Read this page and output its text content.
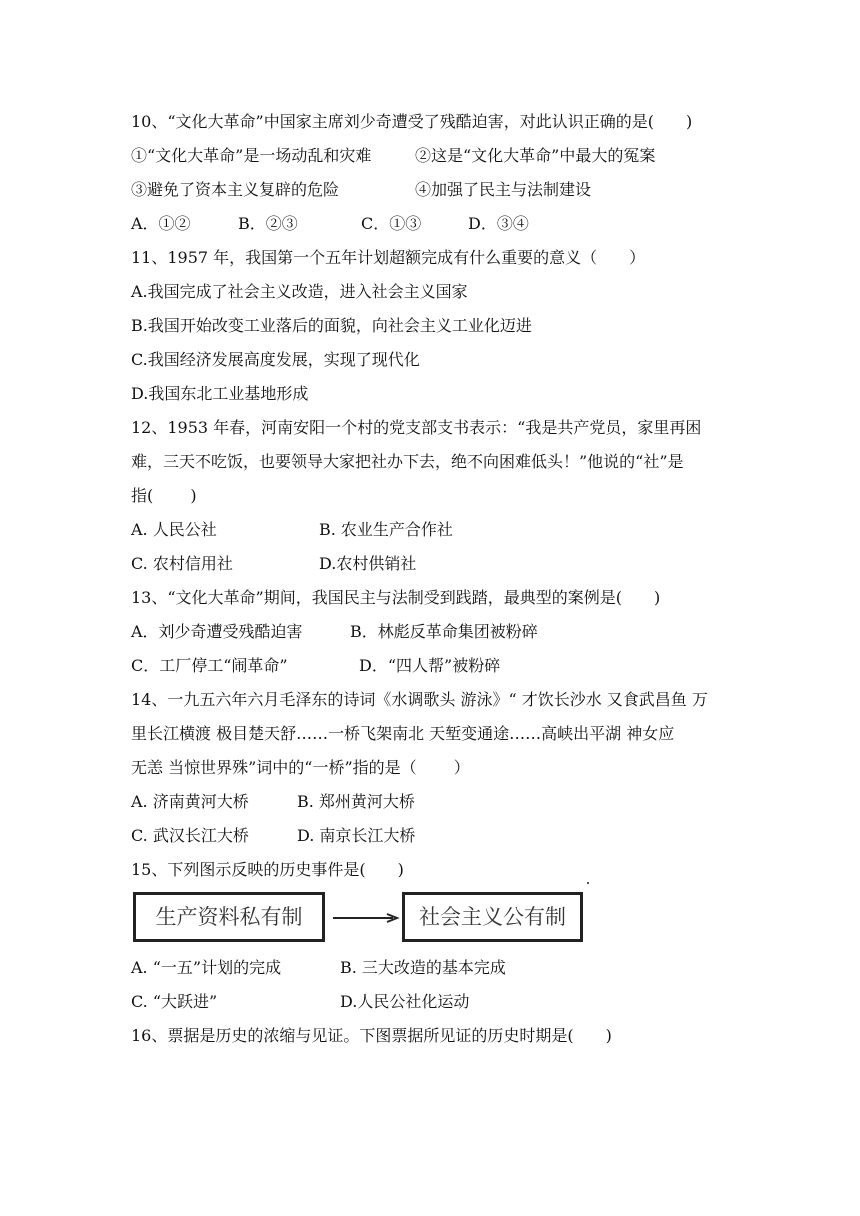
10、“文化大革命”中国家主席刘少奇遭受了残酷迫害，对此认识正确的是(　　)
①“文化大革命”是一场动乱和灾难	②这是“文化大革命”中最大的冤案
③避免了资本主义复辟的危险	④加强了民主与法制建设
A．①②	B．②③	C．①③	D．③④
11、1957 年，我国第一个五年计划超额完成有什么重要的意义（　　）
A.我国完成了社会主义改造，进入社会主义国家
B.我国开始改变工业落后的面貌，向社会主义工业化迈进
C.我国经济发展高度发展，实现了现代化
D.我国东北工业基地形成
12、1953 年春，河南安阳一个村的党支部支书表示：“我是共产党员，家里再困
难，三天不吃饭，也要领导大家把社办下去，绝不向困难低头！”他说的“社”是
指(　　 )
A. 人民公社	B. 农业生产合作社
C. 农村信用社	D.农村供销社
13、“文化大革命”期间，我国民主与法制受到践踏，最典型的案例是(　　)
A．刘少奇遭受残酷迫害	B．林彪反革命集团被粉碎
C．工厂停工“闹革命”	D．“四人帮”被粉碎
14、一九五六年六月毛泽东的诗词《水调歌头 游泳》“ 才饮长沙水 又食武昌鱼 万
里长江横渡 极目楚天舒……一桥飞架南北 天堑变通途……高峡出平湖 神女应
无恙 当惊世界殊”词中的“一桥”指的是（　　 ）
A. 济南黄河大桥	B. 郑州黄河大桥
C. 武汉长江大桥	D. 南京长江大桥
15、下列图示反映的历史事件是(　　)
生产资料私有制	社会主义公有制
A. “一五”计划的完成	B. 三大改造的基本完成
C. “大跃进”	D.人民公社化运动
16、票据是历史的浓缩与见证。下图票据所见证的历史时期是(　　)
